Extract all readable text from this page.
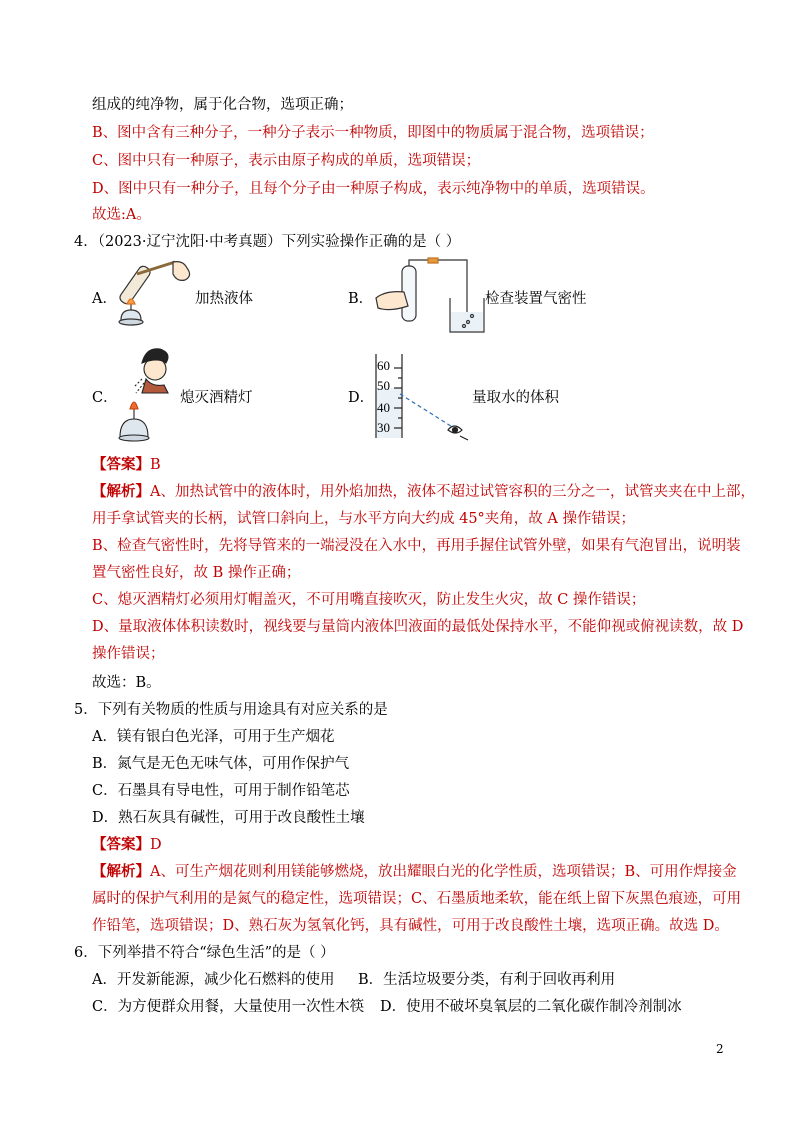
组成的纯净物，属于化合物，选项正确；
B、图中含有三种分子，一种分子表示一种物质，即图中的物质属于混合物，选项错误；
C、图中只有一种原子，表示由原子构成的单质，选项错误；
D、图中只有一种分子，且每个分子由一种原子构成，表示纯净物中的单质，选项错误。
故选:A。
4．（2023·辽宁沈阳·中考真题）下列实验操作正确的是（ ）
A．	加热液体	B．	检查装置气密性
C．	熄灭酒精灯	D．
60
50
40
30
量取水的体积
【答案】B
【解析】A、加热试管中的液体时，用外焰加热，液体不超过试管容积的三分之一，试管夹夹在中上部，
用手拿试管夹的长柄，试管口斜向上，与水平方向大约成 45°夹角，故 A 操作错误；
B、检查气密性时，先将导管来的一端浸没在入水中，再用手握住试管外壁，如果有气泡冒出，说明装
置气密性良好，故 B 操作正确；
C、熄灭酒精灯必须用灯帽盖灭，不可用嘴直接吹灭，防止发生火灾，故 C 操作错误；
D、量取液体体积读数时，视线要与量筒内液体凹液面的最低处保持水平，不能仰视或俯视读数，故 D
操作错误；
故选：B。
5．下列有关物质的性质与用途具有对应关系的是
A．镁有银白色光泽，可用于生产烟花
B．氮气是无色无味气体，可用作保护气
C．石墨具有导电性，可用于制作铅笔芯
D．熟石灰具有碱性，可用于改良酸性土壤
【答案】D
【解析】A、可生产烟花则利用镁能够燃烧，放出耀眼白光的化学性质，选项错误；B、可用作焊接金
属时的保护气利用的是氮气的稳定性，选项错误；C、石墨质地柔软，能在纸上留下灰黑色痕迹，可用
作铅笔，选项错误；D、熟石灰为氢氧化钙，具有碱性，可用于改良酸性土壤，选项正确。故选 D。
6．下列举措不符合“绿色生活”的是（ ）
A．开发新能源，减少化石燃料的使用 B．生活垃圾要分类，有利于回收再利用
C．为方便群众用餐，大量使用一次性木筷 D．使用不破坏臭氧层的二氧化碳作制冷剂制冰
2
